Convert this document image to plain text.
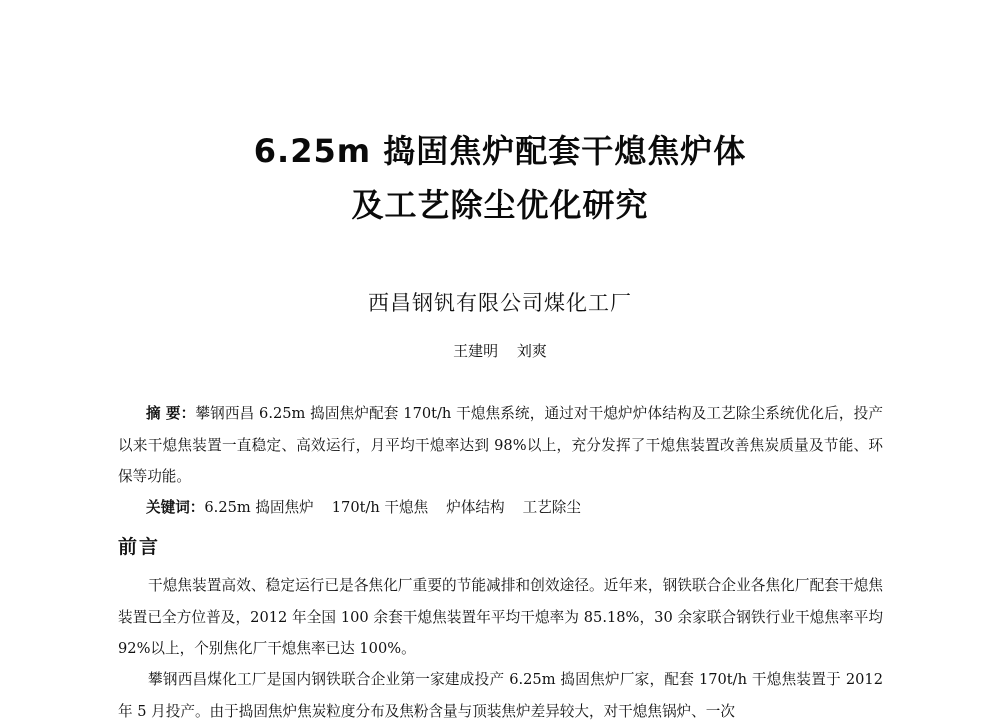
6.25m 捣固焦炉配套干熄焦炉体
及工艺除尘优化研究
西昌钢钒有限公司煤化工厂
王建明 刘爽
摘 要：攀钢西昌 6.25m 捣固焦炉配套 170t/h 干熄焦系统，通过对干熄炉炉体结构及工艺除尘系统优化后，投产以来干熄焦装置一直稳定、高效运行，月平均干熄率达到 98%以上，充分发挥了干熄焦装置改善焦炭质量及节能、环保等功能。
关键词：6.25m 捣固焦炉 170t/h 干熄焦 炉体结构 工艺除尘
前言
干熄焦装置高效、稳定运行已是各焦化厂重要的节能减排和创效途径。近年来，钢铁联合企业各焦化厂配套干熄焦装置已全方位普及，2012 年全国 100 余套干熄焦装置年平均干熄率为 85.18%，30 余家联合钢铁行业干熄焦率平均 92%以上，个别焦化厂干熄焦率已达 100%。
攀钢西昌煤化工厂是国内钢铁联合企业第一家建成投产 6.25m 捣固焦炉厂家，配套 170t/h 干熄焦装置于 2012 年 5 月投产。由于捣固焦炉焦炭粒度分布及焦粉含量与顶装焦炉差异较大，对干熄焦锅炉、一次
